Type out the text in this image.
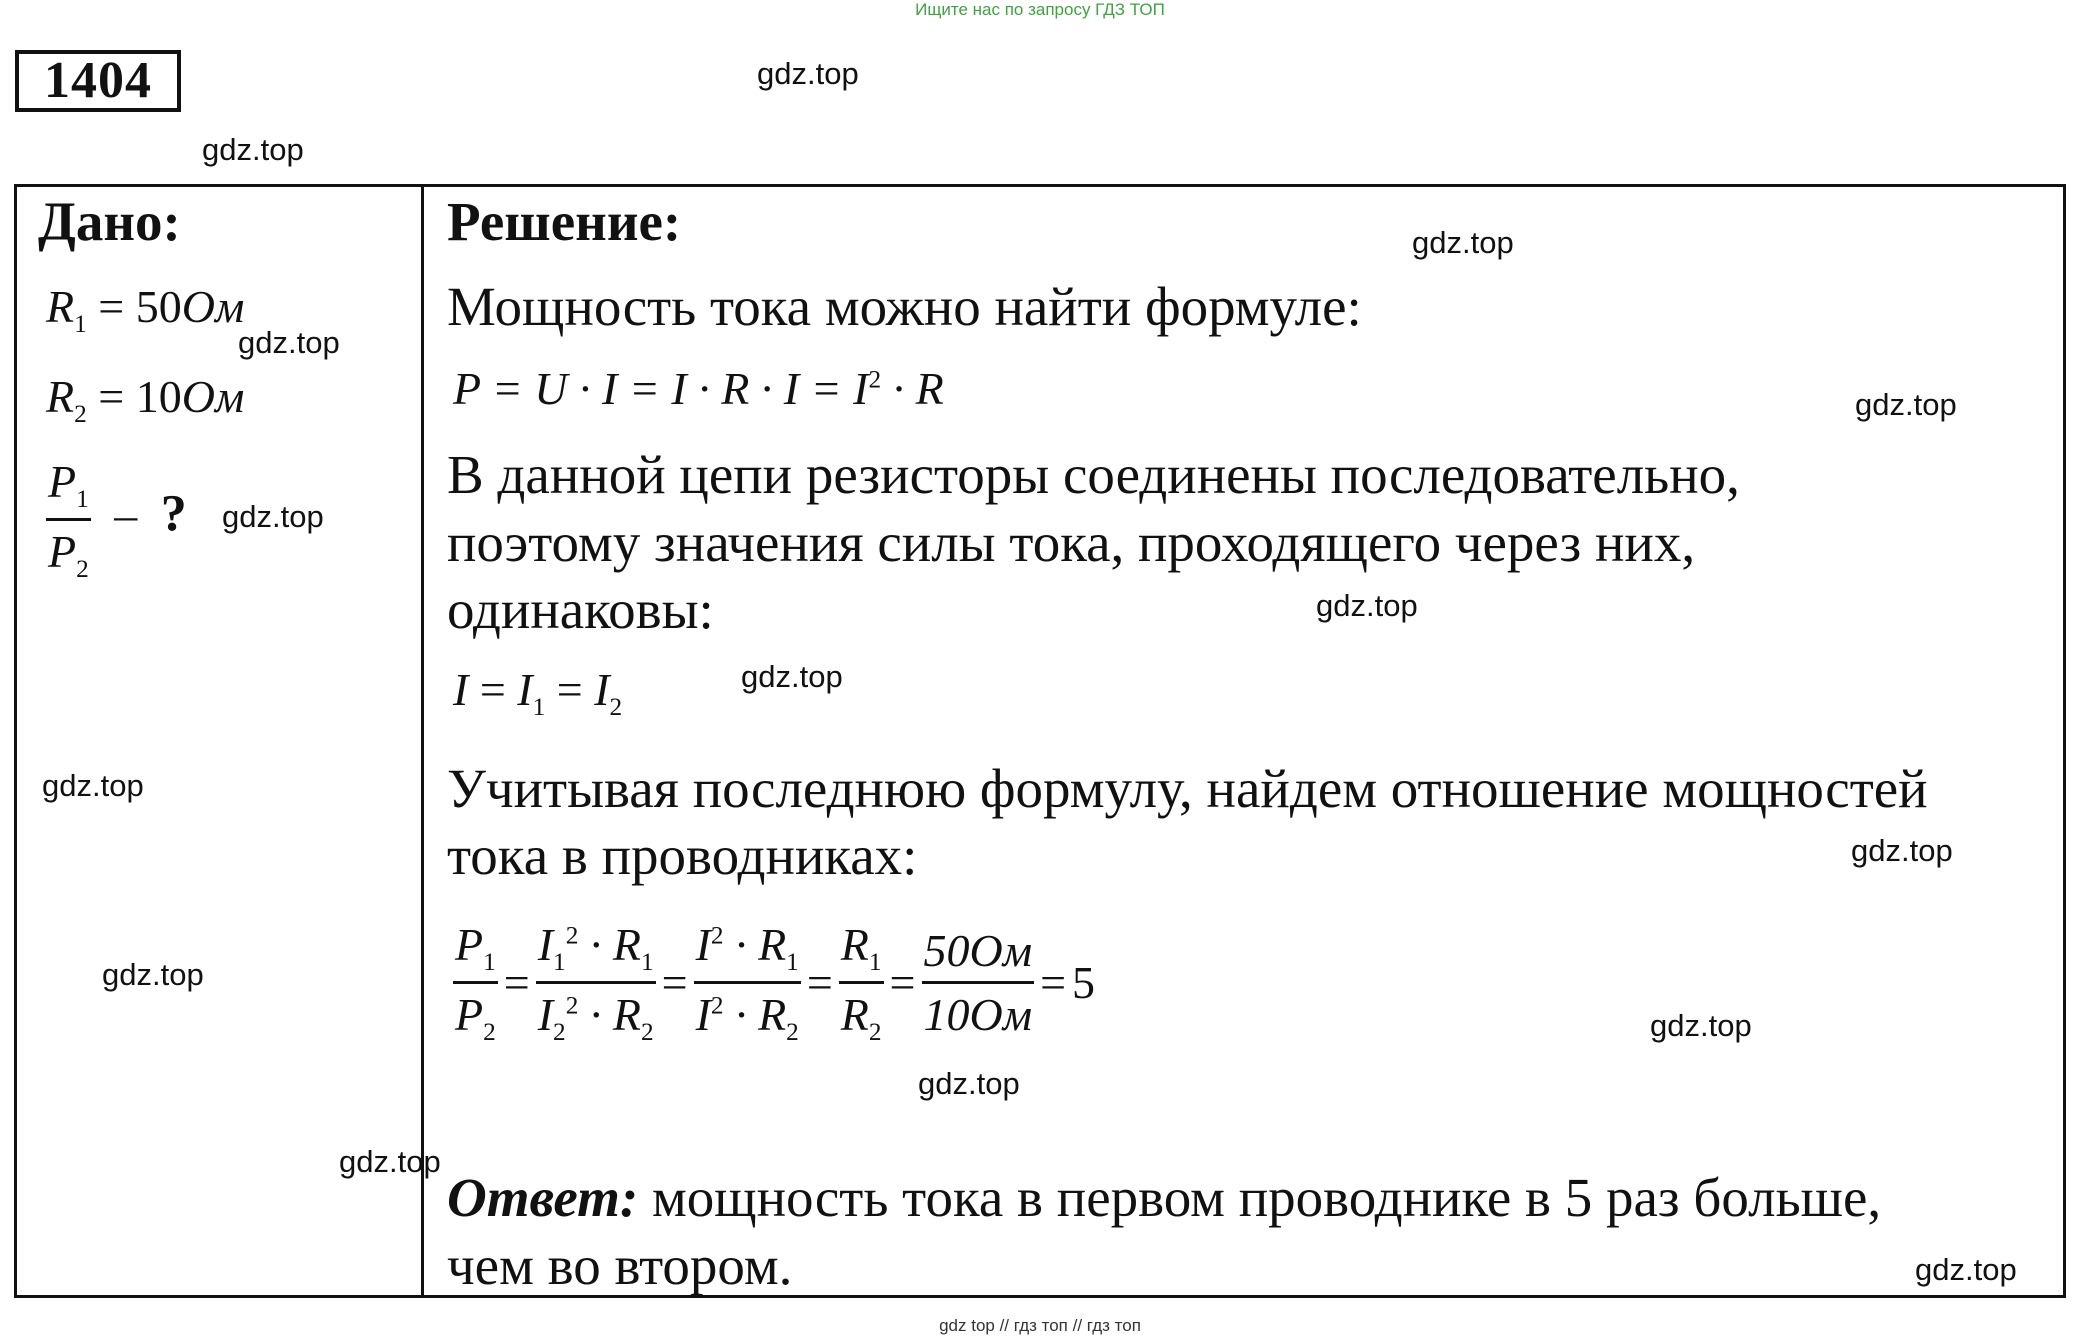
Ищите нас по запросу ГДЗ ТОП
1404
Дано:
$R_1 = 50Ом$
$R_2 = 10Ом$
$\frac{P_1}{P_2}$ – ?
Решение:
Мощность тока можно найти формуле:
$P = U \cdot I = I \cdot R \cdot I = I^2 \cdot R$
В данной цепи резисторы соединены последовательно,
поэтому значения силы тока, проходящего через них,
одинаковы:
$I = I_1 = I_2$
Учитывая последнюю формулу, найдем отношение мощностей
тока в проводниках:
$\frac{P_1}{P_2} = \frac{I_1^2 \cdot R_1}{I_2^2 \cdot R_2} = \frac{I^2 \cdot R_1}{I^2 \cdot R_2} = \frac{R_1}{R_2} = \frac{50Ом}{10Ом} = 5$
Ответ: мощность тока в первом проводнике в 5 раз больше,
чем во втором.
gdz.top
gdz.top
gdz.top
gdz.top
gdz.top
gdz.top
gdz.top
gdz.top
gdz.top
gdz.top
gdz.top
gdz.top
gdz.top
gdz.top
gdz.top
gdz top // гдз топ // гдз топ
